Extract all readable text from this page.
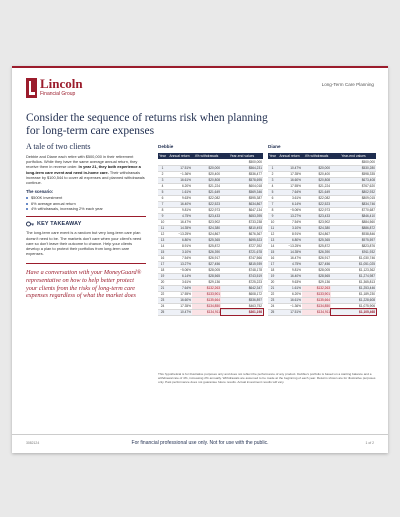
Lincoln
Financial Group
Long-Term Care Planning
Consider the sequence of returns risk when planning for long-term care expenses
A tale of two clients

Debbie and Diane each retire with $500,000 in their retirement portfolios. While they have the same average annual return, they receive them in reverse order. In year 21, they both experience a long-term care event and need in-home care. Their withdrawals increase by $100,544 to cover all expenses and planned withdrawals continue.

The scenario:
$500K investment
6% average annual return
4% withdrawals, increasing 2% each year
KEY TAKEAWAY

The long-term care event is a random but very long-term care plan doesn't need to be. The markets don't care when your client's need care so don't leave their outcome to chance. Help your clients develop a plan to protect their portfolios from long-term care expenses.

Have a conversation with your MoneyGuard® representative on how to help better protect your clients from the risks of long-term care expenses regardless of what the market does
Debbie	Diane
Year	Annual return	4% withdrawals	Year-end values
			$500,000
1	17.51%	$20,000	$564,231
2	−1.36%	$20,400	$536,477
3	16.61%	$20,808	$578,695
4	6.20%	$21,224	$604,018
5	1.61%	$21,649	$569,346
6	9.63%	$22,082	$595,387
7	16.40%	$22,523	$634,867
8	9.81%	$22,973	$647,134
9	4.75%	$23,433	$653,395
10	16.47%	$23,902	$733,238
11	14.35%	$24,380	$810,493
12	−13.25%	$24,867	$676,367
13	6.80%	$25,365	$695,523
14	8.91%	$25,872	$727,392
15	3.10%	$26,390	$721,678
16	7.54%	$26,917	$747,566
17	13.27%	$27,456	$815,939
18	−5.06%	$28,005	$748,178
19	6.14%	$28,565	$743,519
20	3.61%	$29,136	$725,223
21	7.64%	$132,263	$642,347
22	17.55%	$133,901	$608,172
23	16.60%	$135,664	$536,897
24	17.35%	$134,850	$463,752
25	10.47%	$134,911	$361,198
Year	Annual return	4% withdrawals	Year-end values
			$500,000
1	10.47%	$20,000	$530,280
2	17.35%	$20,400	$598,335
3	16.60%	$20,808	$673,408
4	17.55%	$21,224	$767,620
5	7.64%	$21,649	$802,932
6	3.61%	$22,082	$809,015
7	6.14%	$22,523	$834,746
8	−5.06%	$22,973	$770,687
9	13.27%	$23,433	$846,410
10	7.54%	$23,902	$884,560
11	3.10%	$24,380	$886,872
12	8.91%	$24,867	$938,846
13	6.80%	$25,365	$975,597
14	−13.25%	$25,872	$823,876
15	14.35%	$26,390	$911,932
16	16.47%	$26,917	$1,030,746
17	4.75%	$27,456	$1,051,025
18	9.81%	$28,005	$1,123,362
19	16.40%	$28,565	$1,274,987
20	9.63%	$29,136	$1,365,813
21	1.61%	$132,263	$1,253,446
22	6.20%	$133,901	$1,189,230
23	16.61%	$135,664	$1,228,608
24	−1.36%	$134,850	$1,075,906
25	17.51%	$134,911	$1,105,468

This hypothetical is for illustrative purposes only and does not reflect the performance of any product. Debbie's portfolio is based on a starting balance and a withdrawal rate of 4%, increasing 2% annually. Withdrawals are assumed to be made at the beginning of each year. Returns shown are for illustrative purposes only. Past performance does not guarantee future results. Actual investment results will vary.

3082124	For financial professional use only. Not for use with the public.	1 of 2
